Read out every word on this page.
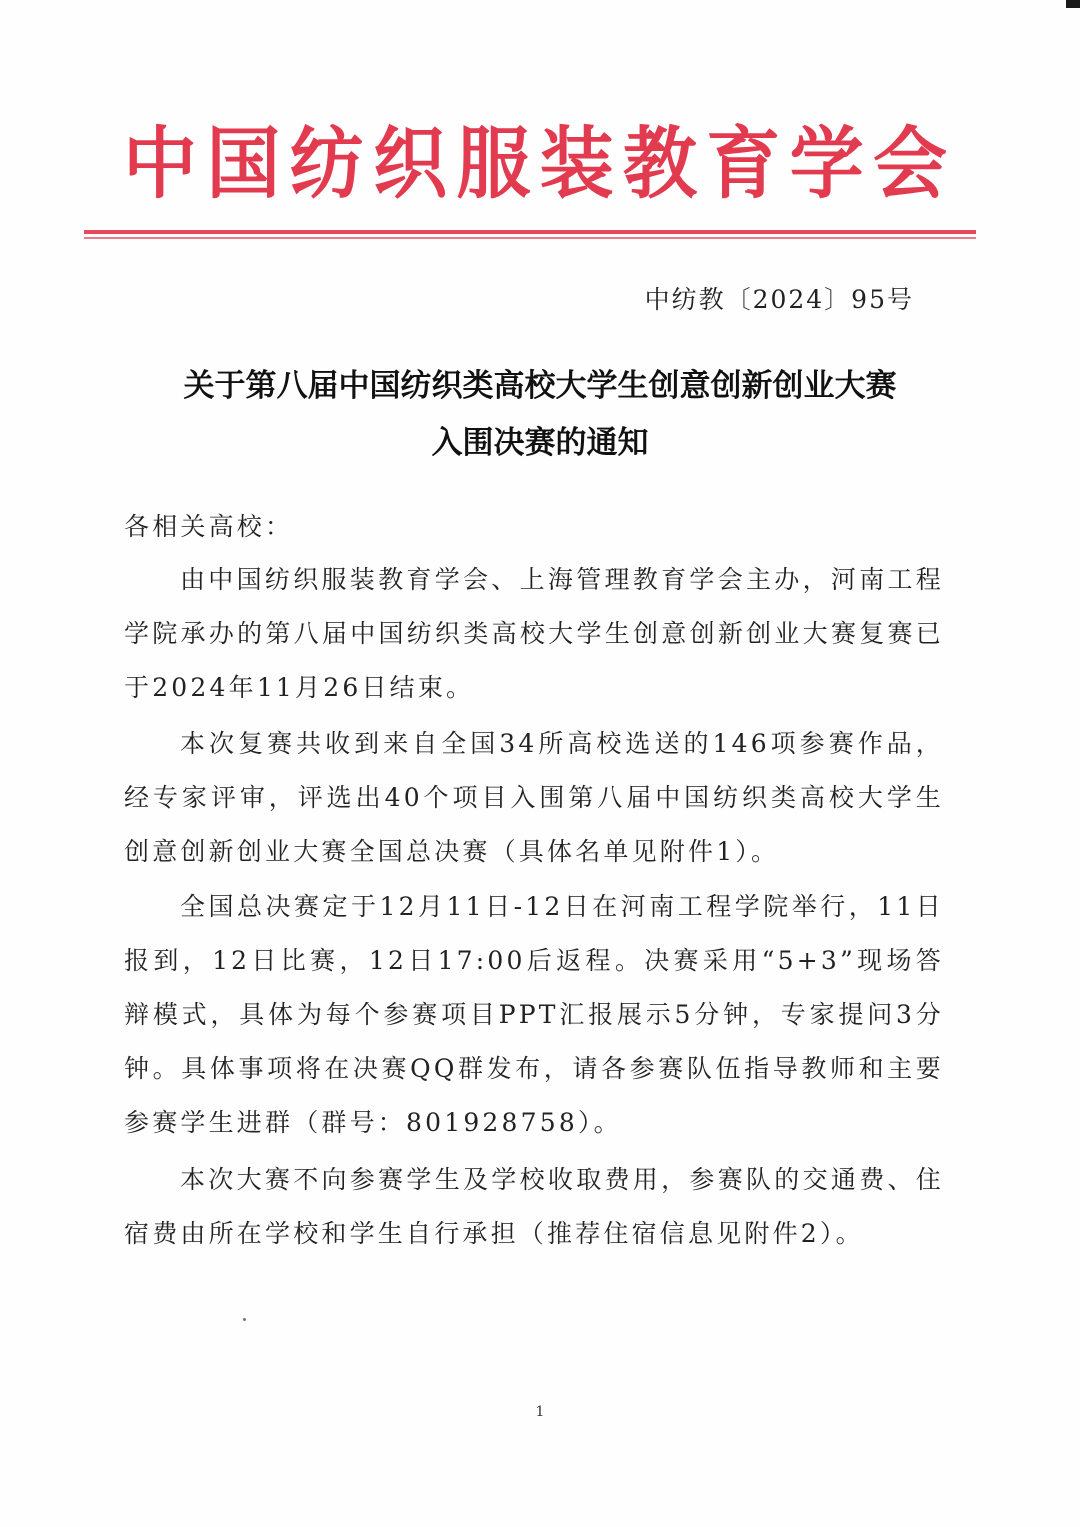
中 国 纺 织 服 装 教 育 学 会
中纺教〔2024〕95号
关于第八届中国纺织类高校大学生创意创新创业大赛
入围决赛的通知
各相关高校：
由中国纺织服装教育学会、上海管理教育学会主办，河南工程学院承办的第八届中国纺织类高校大学生创意创新创业大赛复赛已于2024年11月26日结束。
本次复赛共收到来自全国34所高校选送的146项参赛作品，经专家评审，评选出40个项目入围第八届中国纺织类高校大学生创意创新创业大赛全国总决赛（具体名单见附件1）。
全国总决赛定于12月11日-12日在河南工程学院举行，11日报到，12日比赛，12日17:00后返程。决赛采用“5+3”现场答辩模式，具体为每个参赛项目PPT汇报展示5分钟，专家提问3分钟。具体事项将在决赛QQ群发布，请各参赛队伍指导教师和主要参赛学生进群（群号：801928758）。
本次大赛不向参赛学生及学校收取费用，参赛队的交通费、住宿费由所在学校和学生自行承担（推荐住宿信息见附件2）。
1
